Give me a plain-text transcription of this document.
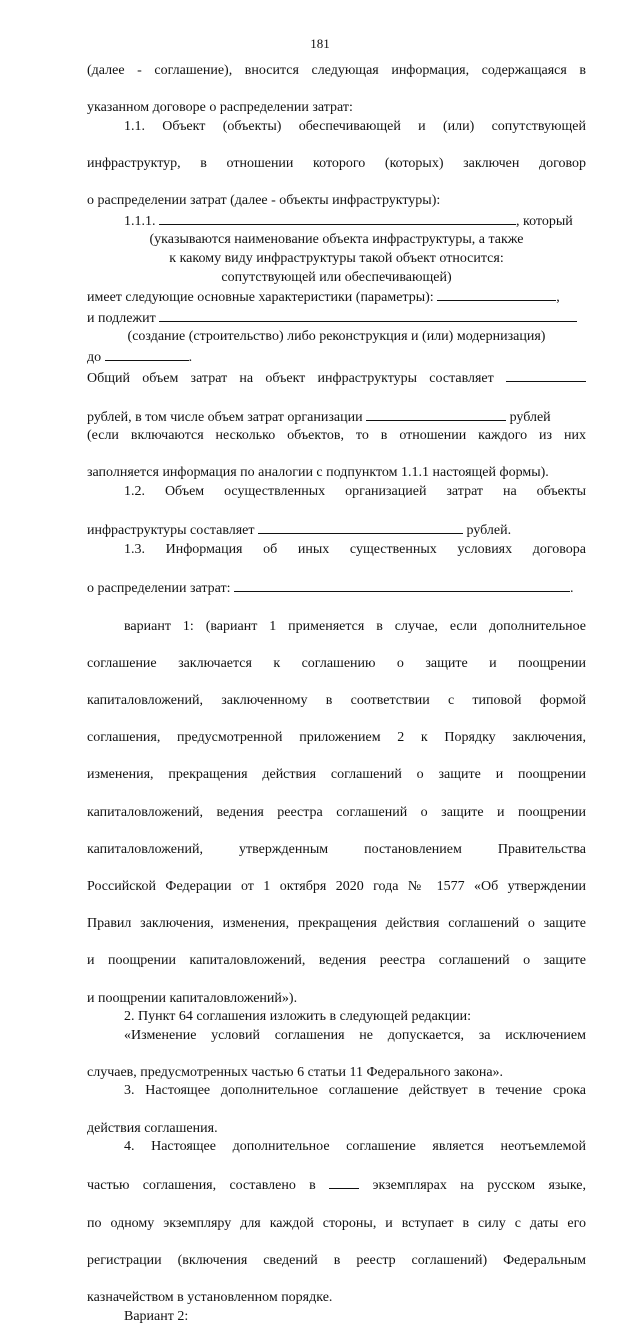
181

(далее - соглашение), вносится следующая информация, содержащаяся в

указанном договоре о распределении затрат:

1.1. Объект (объекты) обеспечивающей и (или) сопутствующей

инфраструктур, в отношении которого (которых) заключен договор

о распределении затрат (далее - объекты инфраструктуры):

1.1.1.	, который

(указываются наименование объекта инфраструктуры, а также

к какому виду инфраструктуры такой объект относится:

сопутствующей или обеспечивающей)

имеет следующие основные характеристики (параметры):	,

и подлежит

(создание (строительство) либо реконструкция и (или) модернизация)

до	.

Общий объем затрат на объект инфраструктуры составляет

рублей, в том числе объем затрат организации	рублей

(если включаются несколько объектов, то в отношении каждого из них

заполняется информация по аналогии с подпунктом 1.1.1 настоящей формы).

1.2. Объем осуществленных организацией затрат на объекты

инфраструктуры составляет	рублей.

1.3. Информация об иных существенных условиях договора

о распределении затрат:	.

вариант 1: (вариант 1 применяется в случае, если дополнительное

соглашение заключается к соглашению о защите и поощрении

капиталовложений, заключенному в соответствии с типовой формой

соглашения, предусмотренной приложением 2 к Порядку заключения,

изменения, прекращения действия соглашений о защите и поощрении

капиталовложений, ведения реестра соглашений о защите и поощрении

капиталовложений, утвержденным постановлением Правительства

Российской Федерации от 1 октября 2020 года № 1577 «Об утверждении

Правил заключения, изменения, прекращения действия соглашений о защите

и поощрении капиталовложений, ведения реестра соглашений о защите

и поощрении капиталовложений»).

2. Пункт 64 соглашения изложить в следующей редакции:

«Изменение условий соглашения не допускается, за исключением

случаев, предусмотренных частью 6 статьи 11 Федерального закона».

3. Настоящее дополнительное соглашение действует в течение срока

действия соглашения.

4. Настоящее дополнительное соглашение является неотъемлемой

частью соглашения, составлено в	экземплярах на русском языке,

по одному экземпляру для каждой стороны, и вступает в силу с даты его

регистрации (включения сведений в реестр соглашений) Федеральным

казначейством в установленном порядке.

Вариант 2:
